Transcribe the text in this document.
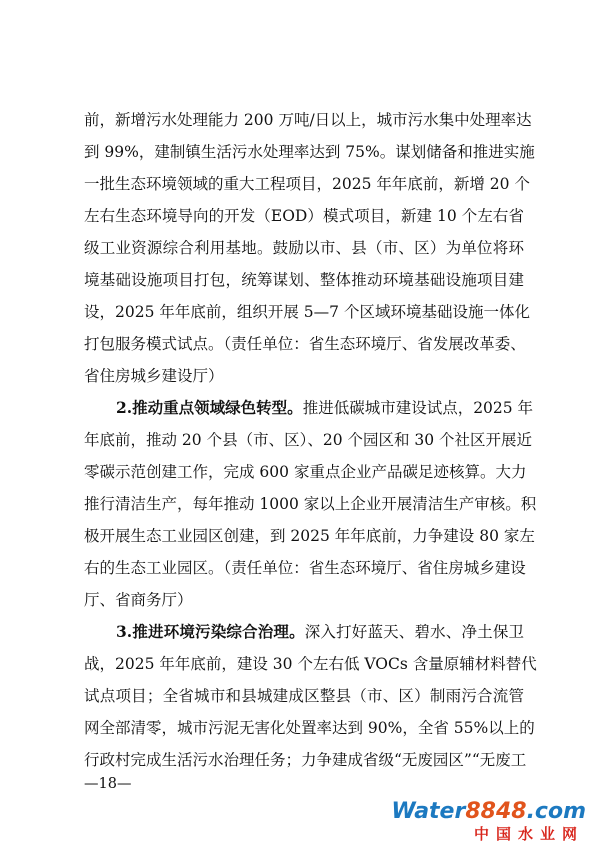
前，新增污水处理能力 200 万吨/日以上，城市污水集中处理率达
到 99%，建制镇生活污水处理率达到 75%。谋划储备和推进实施
一批生态环境领域的重大工程项目，2025 年年底前，新增 20 个
左右生态环境导向的开发（EOD）模式项目，新建 10 个左右省
级工业资源综合利用基地。鼓励以市、县（市、区）为单位将环
境基础设施项目打包，统筹谋划、整体推动环境基础设施项目建
设，2025 年年底前，组织开展 5—7 个区域环境基础设施一体化
打包服务模式试点。（责任单位：省生态环境厅、省发展改革委、
省住房城乡建设厅）
2.推动重点领域绿色转型。推进低碳城市建设试点，2025 年
年底前，推动 20 个县（市、区）、20 个园区和 30 个社区开展近
零碳示范创建工作，完成 600 家重点企业产品碳足迹核算。大力
推行清洁生产，每年推动 1000 家以上企业开展清洁生产审核。积
极开展生态工业园区创建，到 2025 年年底前，力争建设 80 家左
右的生态工业园区。（责任单位：省生态环境厅、省住房城乡建设
厅、省商务厅）
3.推进环境污染综合治理。深入打好蓝天、碧水、净土保卫
战，2025 年年底前，建设 30 个左右低 VOCs 含量原辅材料替代
试点项目；全省城市和县城建成区整县（市、区）制雨污合流管
网全部清零，城市污泥无害化处置率达到 90%，全省 55%以上的
行政村完成生活污水治理任务；力争建成省级“无废园区”“无废工
—18—
Water8848.com
中国水业网
